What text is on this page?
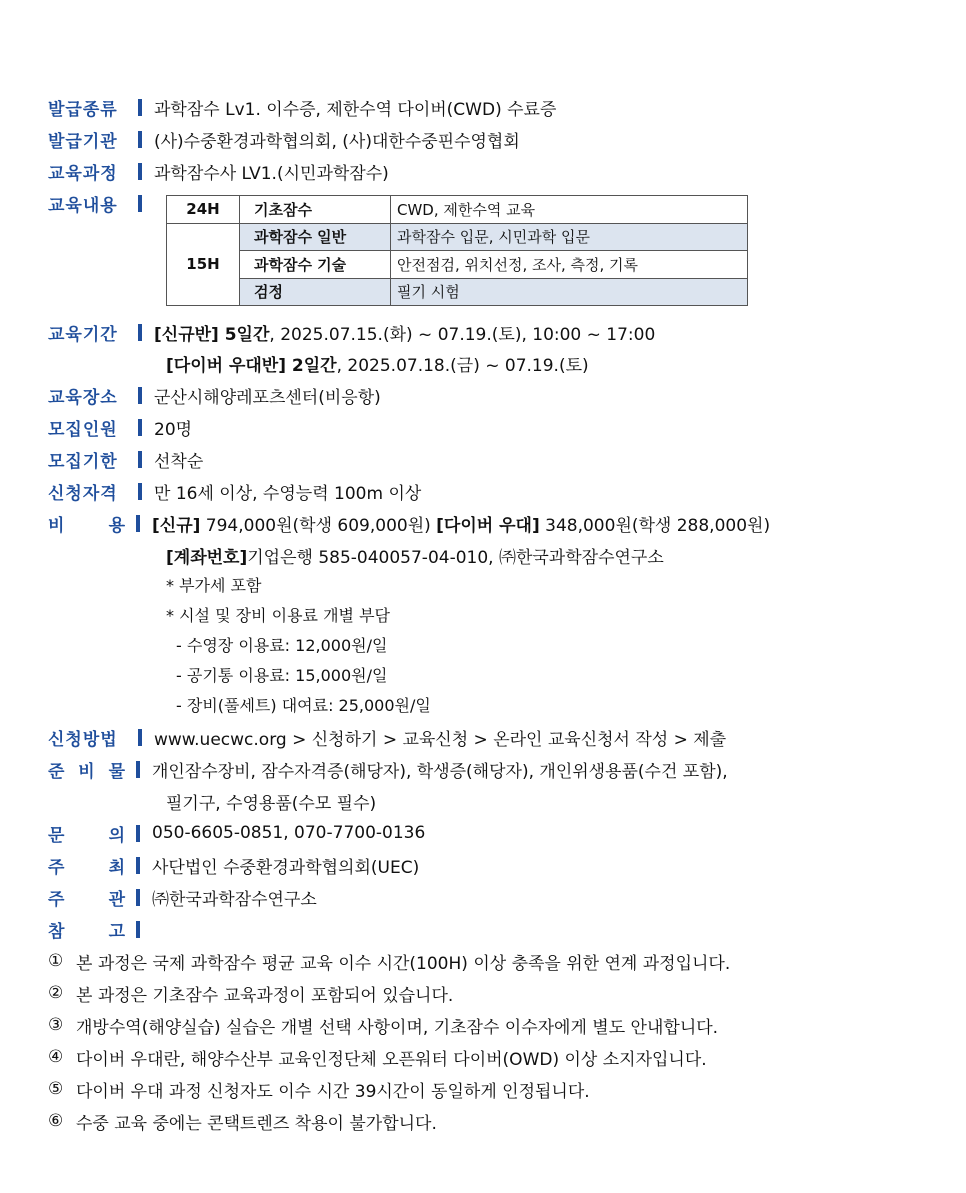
발급종류	과학잠수 Lv1. 이수증, 제한수역 다이버(CWD) 수료증
발급기관	(사)수중환경과학협의회, (사)대한수중핀수영협회
교육과정	과학잠수사 LV1.(시민과학잠수)
교육내용	24H	기초잠수	CWD, 제한수역 교육
15H	과학잠수 일반	과학잠수 입문, 시민과학 입문
	과학잠수 기술	안전점검, 위치선정, 조사, 측정, 기록
	검정	필기 시험
교육기간	[신규반] 5일간, 2025.07.15.(화) ~ 07.19.(토), 10:00 ~ 17:00
[다이버 우대반] 2일간 , 2025.07.18.(금) ~ 07.19.(토)
교육장소	군산시해양레포츠센터(비응항)
모집인원	20명
모집기한	선착순
신청자격	만 16세 이상, 수영능력 100m 이상
비	용 [신규] 794,000원(학생 609,000원) [다이버 우대] 348,000원(학생 288,000원)
[계좌번호] 기업은행 585-040057-04-010, ㈜한국과학잠수연구소
* 부가세 포함
* 시설 및 장비 이용료 개별 부담
- 수영장 이용료: 12,000원/일
- 공기통 이용료: 15,000원/일
- 장비(풀세트) 대여료: 25,000원/일
신청방법	www.uecwc.org > 신청하기 > 교육신청 > 온라인 교육신청서 작성 > 제출
준 비 물 개인잠수장비, 잠수자격증(해당자), 학생증(해당자), 개인위생용품(수건 포함),
필기구, 수영용품(수모 필수)
문	의 050-6605-0851, 070-7700-0136
주	최 사단법인 수중환경과학협의회(UEC)
주	관 ㈜한국과학잠수연구소
참	고
① 본 과정은 국제 과학잠수 평균 교육 이수 시간(100H) 이상 충족을 위한 연계 과정입니다.
② 본 과정은 기초잠수 교육과정이 포함되어 있습니다.
③ 개방수역(해양실습) 실습은 개별 선택 사항이며, 기초잠수 이수자에게 별도 안내합니다.
④ 다이버 우대란, 해양수산부 교육인정단체 오픈워터 다이버(OWD) 이상 소지자입니다.
⑤ 다이버 우대 과정 신청자도 이수 시간 39시간이 동일하게 인정됩니다.
⑥ 수중 교육 중에는 콘택트렌즈 착용이 불가합니다.
